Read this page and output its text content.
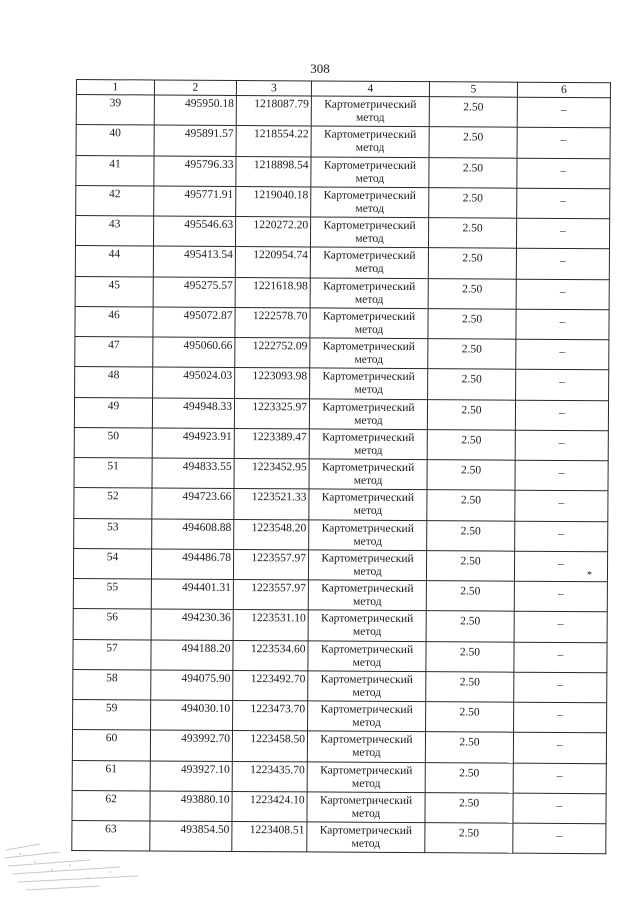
308
1	2	3	4	5	6
39	495950.18	1218087.79	Картометрический
метод	2.50	–
40	495891.57	1218554.22	Картометрический
метод	2.50	–
41	495796.33	1218898.54	Картометрический
метод	2.50	–
42	495771.91	1219040.18	Картометрический
метод	2.50	–
43	495546.63	1220272.20	Картометрический
метод	2.50	–
44	495413.54	1220954.74	Картометрический
метод	2.50	–
45	495275.57	1221618.98	Картометрический
метод	2.50	–
46	495072.87	1222578.70	Картометрический
метод	2.50	–
47	495060.66	1222752.09	Картометрический
метод	2.50	–
48	495024.03	1223093.98	Картометрический
метод	2.50	–
49	494948.33	1223325.97	Картометрический
метод	2.50	–
50	494923.91	1223389.47	Картометрический
метод	2.50	–
51	494833.55	1223452.95	Картометрический
метод	2.50	–
52	494723.66	1223521.33	Картометрический
метод	2.50	–
53	494608.88	1223548.20	Картометрический
метод	2.50	–
54	494486.78	1223557.97	Картометрический
метод	2.50	–
55	494401.31	1223557.97	Картометрический
метод	2.50	–
56	494230.36	1223531.10	Картометрический
метод	2.50	–
57	494188.20	1223534.60	Картометрический
метод	2.50	–
58	494075.90	1223492.70	Картометрический
метод	2.50	–
59	494030.10	1223473.70	Картометрический
метод	2.50	–
60	493992.70	1223458.50	Картометрический
метод	2.50	–
61	493927.10	1223435.70	Картометрический
метод	2.50	–
62	493880.10	1223424.10	Картометрический
метод	2.50	–
63	493854.50	1223408.51	Картометрический
метод	2.50	–
*
